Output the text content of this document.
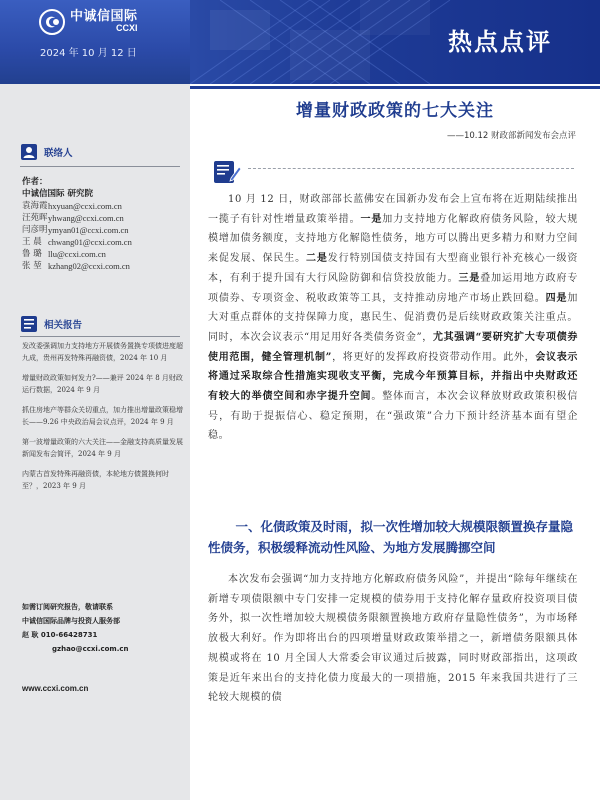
中诚信国际
CCXI
2024 年 10 月 12 日	热点点评
联络人
作者：
中诚信国际 研究院
袁海霞 hxyuan@ccxi.com.cn
汪苑晖 yhwang@ccxi.com.cn
闫彦明 ymyan01@ccxi.com.cn
王 晨 chwang01@ccxi.com.cn
鲁 璐 llu@ccxi.com.cn
张 堃 kzhang02@ccxi.com.cn
相关报告
发改委强调加力支持地方开展债务置换专项债进度超九成，贵州再发特殊再融资债，2024 年 10 月
增量财政政策如何发力?——兼评 2024 年 8 月财政运行数据，2024 年 9 月
抓住房地产等群众关切重点，加力推出增量政策稳增长——9.26 中央政治局会议点评，2024 年 9 月
第一波增量政策的六大关注——金融支持高质量发展新闻发布会简评，2024 年 9 月
内蒙古首发特殊再融资债，本轮地方债置换何时至？，2023 年 9 月
如需订阅研究报告，敬请联系
中诚信国际品牌与投资人服务部
赵 耿 010-66428731
gzhao@ccxi.com.cn
www.ccxi.com.cn
增量财政政策的七大关注
——10.12 财政部新闻发布会点评
10 月 12 日，财政部部长蓝佛安在国新办发布会上宣布将在近期陆续推出一揽子有针对性增量政策举措。一是加力支持地方化解政府债务风险，较大规模增加债务额度，支持地方化解隐性债务，地方可以腾出更多精力和财力空间来促发展、保民生。二是发行特别国债支持国有大型商业银行补充核心一级资本，有利于提升国有大行风险防御和信贷投放能力。三是叠加运用地方政府专项债券、专项资金、税收政策等工具，支持推动房地产市场止跌回稳。四是加大对重点群体的支持保障力度，惠民生、促消费仍是后续财政政策关注重点。同时，本次会议表示“用足用好各类债务资金”，尤其强调“要研究扩大专项债券使用范围，健全管理机制”，将更好的发挥政府投资带动作用。此外，会议表示将通过采取综合性措施实现收支平衡，完成今年预算目标，并指出中央财政还有较大的举债空间和赤字提升空间。整体而言，本次会议释放财政政策积极信号，有助于提振信心、稳定预期，在“强政策”合力下预计经济基本面有望企稳。
一、化债政策及时雨，拟一次性增加较大规模限额置换存量隐性债务，积极缓释流动性风险、为地方发展腾挪空间
本次发布会强调“加力支持地方化解政府债务风险”，并提出“除每年继续在新增专项债限额中专门安排一定规模的债券用于支持化解存量政府投资项目债务外，拟一次性增加较大规模债务限额置换地方政府存量隐性债务”，为市场释放极大利好。作为即将出台的四项增量财政政策举措之一，新增债务限额具体规模或将在 10 月全国人大常委会审议通过后披露，同时财政部指出，这项政策是近年来出台的支持化债力度最大的一项措施，2015 年来我国共进行了三轮较大规模的债
